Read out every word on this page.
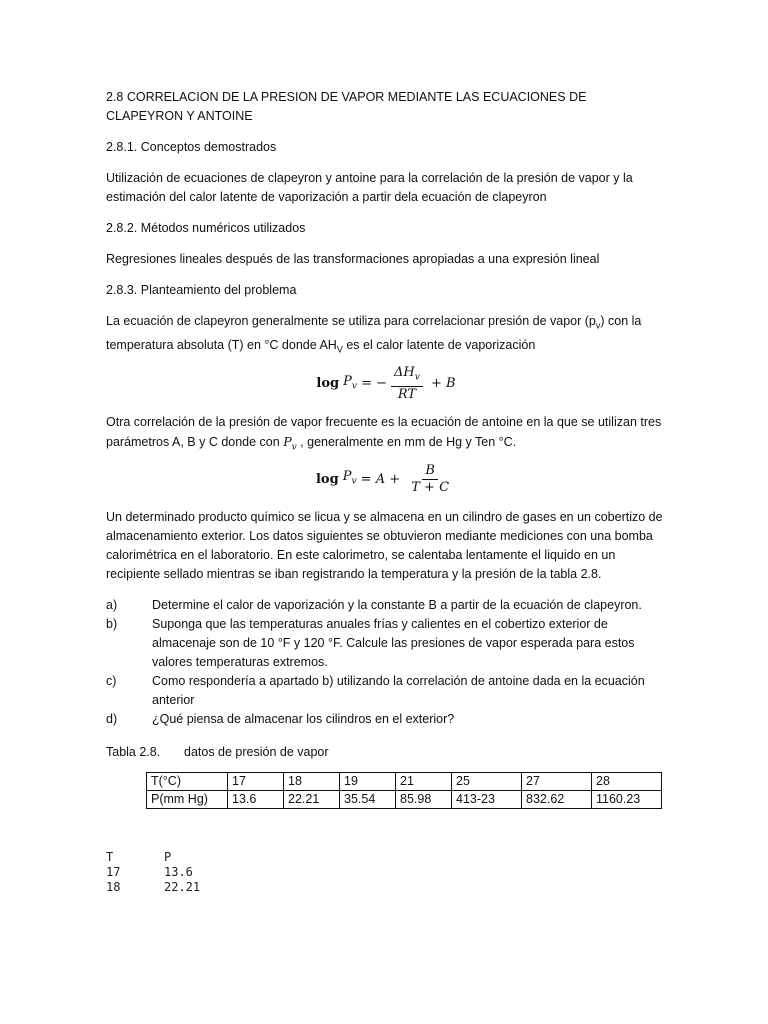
2.8 CORRELACION DE LA PRESION DE VAPOR MEDIANTE LAS ECUACIONES DE CLAPEYRON Y ANTOINE

2.8.1. Conceptos demostrados

Utilización de ecuaciones de clapeyron y antoine para la correlación de la presión de vapor y la estimación del calor latente de vaporización a partir dela ecuación de clapeyron

2.8.2. Métodos numéricos utilizados

Regresiones lineales después de las transformaciones apropiadas a una expresión lineal

2.8.3. Planteamiento del problema

La ecuación de clapeyron generalmente se utiliza para correlacionar presión de vapor $(p_v)$ con la temperatura absoluta (T) en °C donde $AH_V$ es el calor latente de vaporización

$\log P_v$ = − $\frac{\Delta H_v}{RT} + B$

Otra correlación de la presión de vapor frecuente es la ecuación de antoine en la que se utilizan tres parámetros A, B y C donde con $P_v$ , generalmente en mm de Hg y Ten °C.

$\log P_v = A + \frac{B}{T + C}$

Un determinado producto químico se licua y se almacena en un cilindro de gases en un cobertizo de almacenamiento exterior. Los datos siguientes se obtuvieron mediante mediciones con una bomba calorimétrica en el laboratorio. En este calorimetro, se calentaba lentamente el liquido en un recipiente sellado mientras se iban registrando la temperatura y la presión de la tabla 2.8.

a)	Determine el calor de vaporización y la constante B a partir de la ecuación de clapeyron.
b)	Suponga que las temperaturas anuales frías y calientes en el cobertizo exterior de almacenaje son de 10 °F y 120 °F. Calcule las presiones de vapor esperada para estos valores temperaturas extremos.
c)	Como respondería a apartado b) utilizando la correlación de antoine dada en la ecuación anterior
d)	¿Qué piensa de almacenar los cilindros en el exterior?
Tabla 2.8.	datos de presión de vapor
T(°C)	17	18	19	21	25	27	28
P(mm Hg)	13.6	22.21	35.54	85.98	413-23	832.62	1160.23
T	P
17	13.6
18	22.21
